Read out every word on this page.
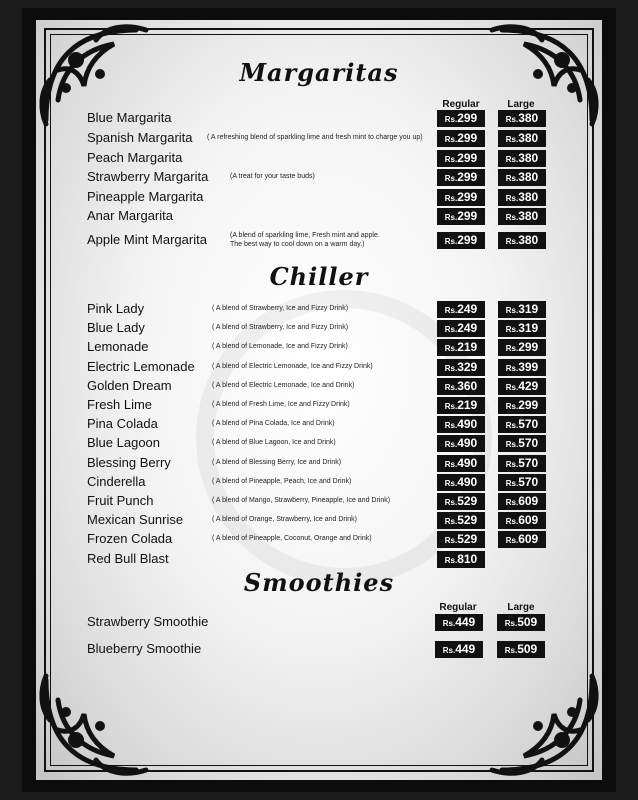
Margaritas
Regular	Large
Blue Margarita	Rs.299	Rs.380
Spanish Margarita ( A refreshing blend of sparkling lime and fresh mint to charge you up)	Rs.299	Rs.380
Peach Margarita	Rs.299	Rs.380
Strawberry Margarita	(A treat for your taste buds)	Rs.299	Rs.380
Pineapple Margarita	Rs.299	Rs.380
Anar Margarita	Rs.299	Rs.380
Apple Mint Margarita	(A blend of sparkling lime, Fresh mint and apple.
The best way to cool down on a warm day.)	Rs.299	Rs.380
Chiller
Pink Lady	( A blend of Strawberry, Ice and Fizzy Drink)	Rs.249	Rs.319
Blue Lady	( A blend of Strawberry, Ice and Fizzy Drink)	Rs.249	Rs.319
Lemonade	( A blend of Lemonade, Ice and Fizzy Drink)	Rs.219	Rs.299
Electric Lemonade ( A blend of Electric Lemonade, Ice and Fizzy Drink)	Rs.329	Rs.399
Golden Dream	( A blend of Electric Lemonade, Ice and Drink)	Rs.360	Rs.429
Fresh Lime	( A blend of Fresh Lime, Ice and Fizzy Drink)	Rs.219	Rs.299
Pina Colada	( A blend of Pina Colada, Ice and Drink)	Rs.490	Rs.570
Blue Lagoon	( A blend of Blue Lagoon, Ice and Drink)	Rs.490	Rs.570
Blessing Berry	( A blend of Blessing Berry, Ice and Drink)	Rs.490	Rs.570
Cinderella	( A blend of Pineapple, Peach, Ice and Drink)	Rs.490	Rs.570
Fruit Punch	( A blend of Mango, Strawberry, Pineapple, Ice and Drink)	Rs.529	Rs.609
Mexican Sunrise	( A blend of Orange, Strawberry, Ice and Drink)	Rs.529	Rs.609
Frozen Colada	( A blend of Pineapple, Coconut, Orange and Drink)	Rs.529	Rs.609
Red Bull Blast	Rs.810
Smoothies
Regular	Large
Strawberry Smoothie	Rs.449	Rs.509
Blueberry Smoothie	Rs.449	Rs.509
